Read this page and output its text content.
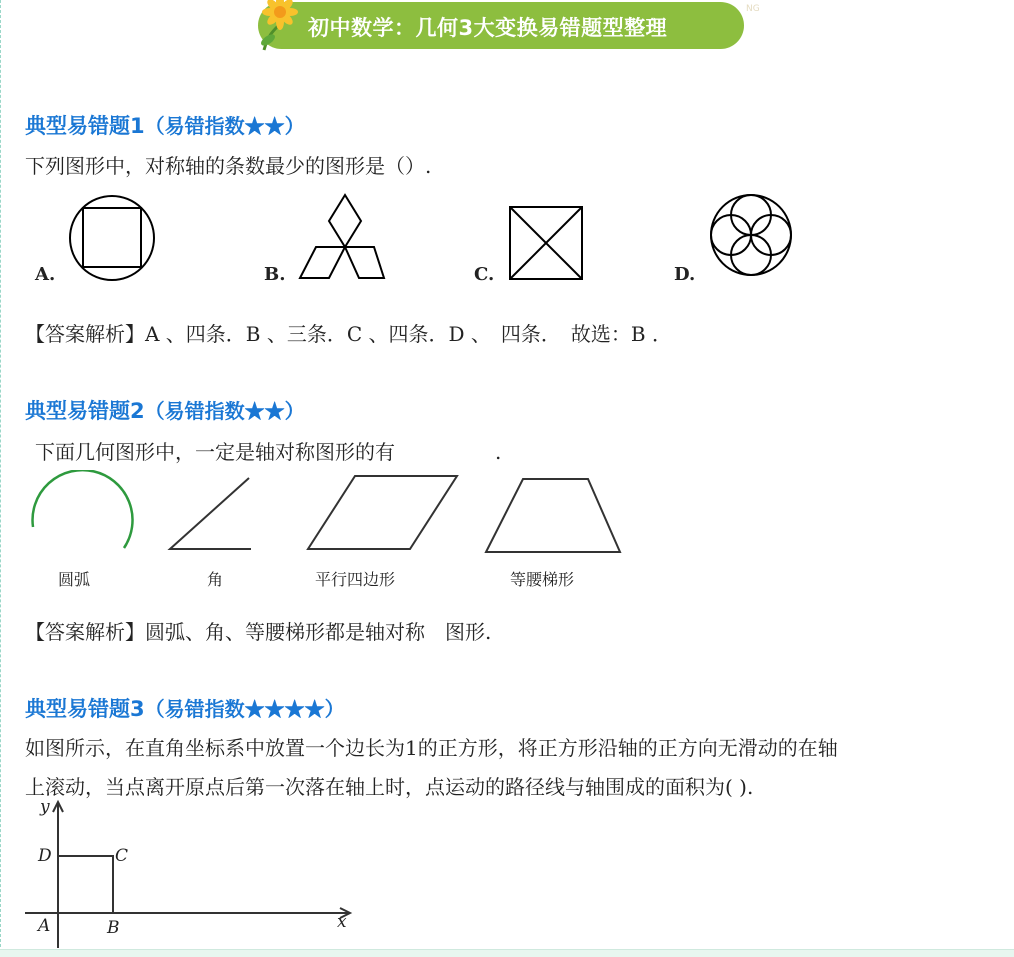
初中数学：几何3大变换易错题型整理
NG
典型易错题1（易错指数★★）
下列图形中，对称轴的条数最少的图形是（）.
A.	B.	C.	D.
【答案解析】A 、四条．B 、三条．C 、四条．D 、　四条．　故选：B ．
典型易错题2（易错指数★★）
下面几何图形中，一定是轴对称图形的有　　　　　.
圆弧	角	平行四边形	等腰梯形
【答案解析】圆弧、角、等腰梯形都是轴对称　图形.
典型易错题3（易错指数★★★★）
如图所示，在直角坐标系中放置一个边长为1的正方形，将正方形沿轴的正方向无滑动的在轴
上滚动，当点离开原点后第一次落在轴上时，点运动的路径线与轴围成的面积为( ).
y
x
D	C
A	B
